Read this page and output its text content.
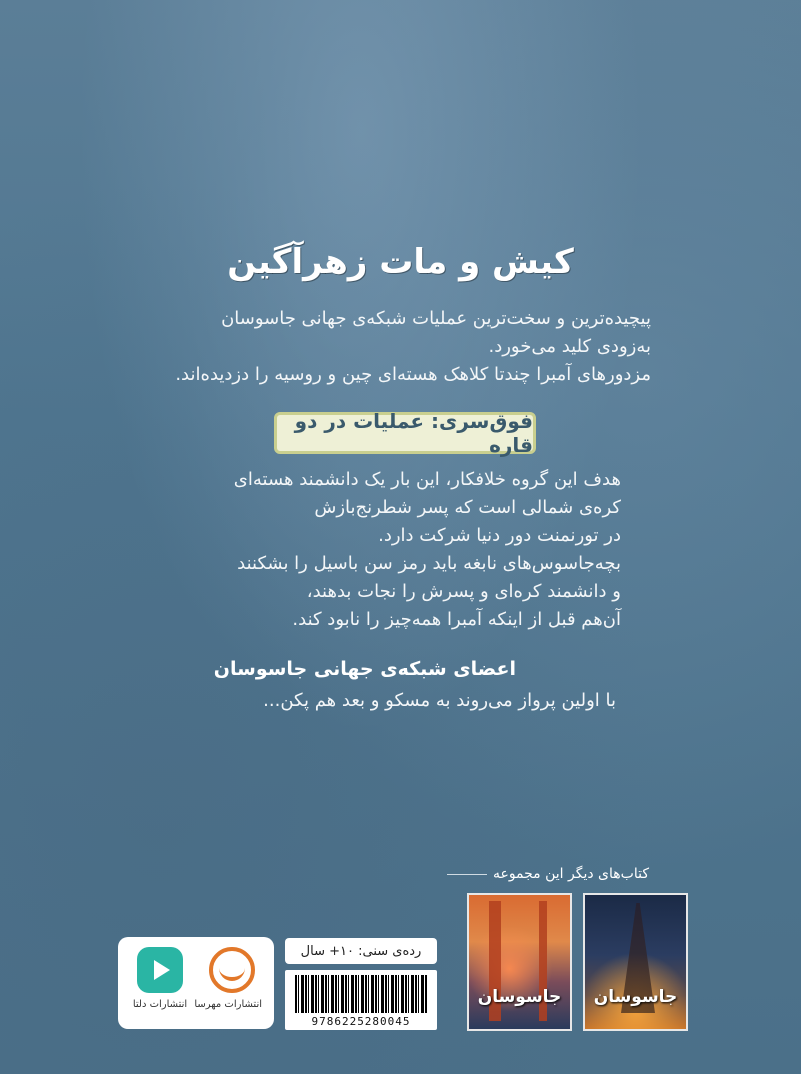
کیش و مات زهرآگین
پیچیده‌ترین و سخت‌ترین عملیات شبکه‌ی جهانی جاسوسان
به‌زودی کلید می‌خورد.
مزدورهای آمبرا چندتا کلاهک هسته‌ای چین و روسیه را دزدیده‌اند.
فوق‌سری: عملیات در دو قاره
هدف این گروه خلافکار، این بار یک دانشمند هسته‌ای
کره‌ی شمالی است که پسر شطرنج‌بازش
در تورنمنت دور دنیا شرکت دارد.
بچه‌جاسوس‌های نابغه باید رمز سن باسیل را بشکنند
و دانشمند کره‌ای و پسرش را نجات بدهند،
آن‌هم قبل از اینکه آمبرا همه‌چیز را نابود کند.
اعضای شبکه‌ی جهانی جاسوسان
با اولین پرواز می‌روند به مسکو و بعد هم پکن...
کتاب‌های دیگر این مجموعه
جاسوسان
جاسوسان
رده‌ی سنی: ۱۰+ سال
9786225280045
انتشارات دلتا انتشارات مهرسا
